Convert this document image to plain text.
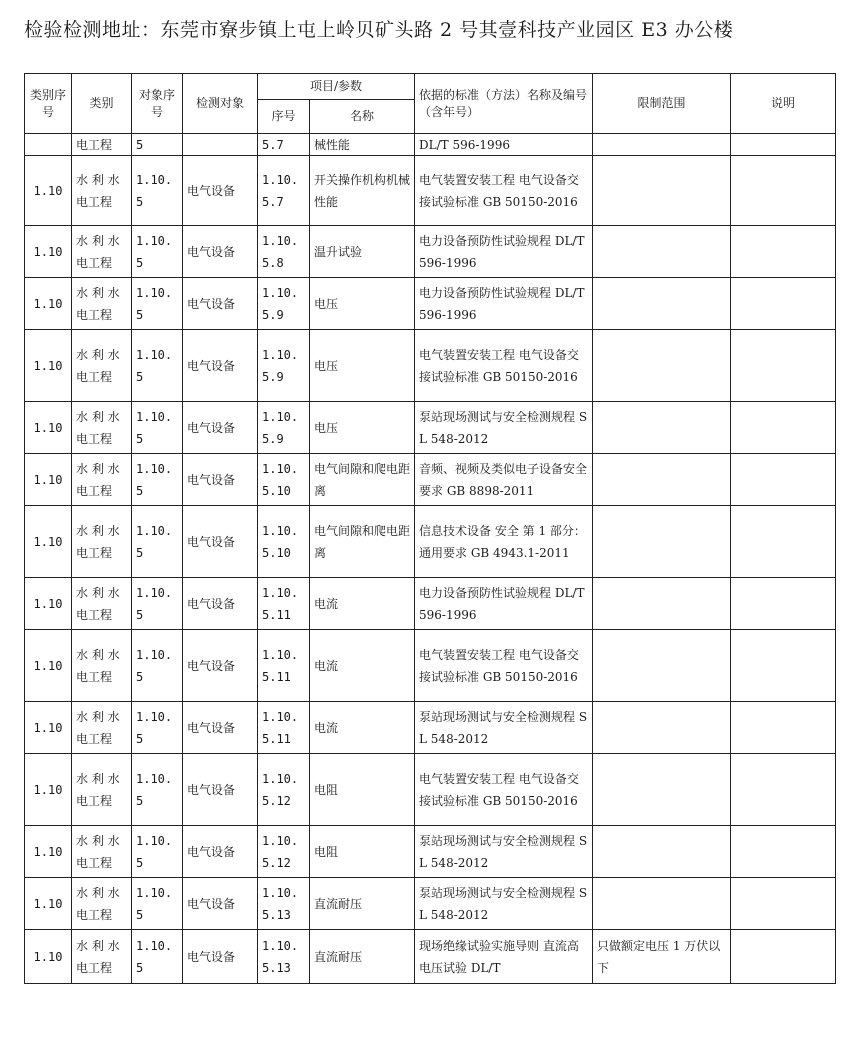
检验检测地址：东莞市寮步镇上屯上岭贝矿头路 2 号其壹科技产业园区 E3 办公楼
类别序号	类别	对象序号	检测对象	项目/参数		依据的标准（方法）名称及编号（含年号）	限制范围	说明
				序号	名称			
	电工程	5		5.7	械性能	DL/T 596-1996		
1.10	水 利 水电工程	1.10.5	电气设备	1.10.5.7	开关操作机构机械性能	电气装置安装工程 电气设备交接试验标准 GB 50150-2016		
1.10	水 利 水电工程	1.10.5	电气设备	1.10.5.8	温升试验	电力设备预防性试验规程 DL/T 596-1996		
1.10	水 利 水电工程	1.10.5	电气设备	1.10.5.9	电压	电力设备预防性试验规程 DL/T 596-1996		
1.10	水 利 水电工程	1.10.5	电气设备	1.10.5.9	电压	电气装置安装工程 电气设备交接试验标准 GB 50150-2016		
1.10	水 利 水电工程	1.10.5	电气设备	1.10.5.9	电压	泵站现场测试与安全检测规程 SL 548-2012		
1.10	水 利 水电工程	1.10.5	电气设备	1.10.5.10	电气间隙和爬电距离	音频、视频及类似电子设备安全要求 GB 8898-2011		
1.10	水 利 水电工程	1.10.5	电气设备	1.10.5.10	电气间隙和爬电距离	信息技术设备 安全 第 1 部分：通用要求 GB 4943.1-2011		
1.10	水 利 水电工程	1.10.5	电气设备	1.10.5.11	电流	电力设备预防性试验规程 DL/T 596-1996		
1.10	水 利 水电工程	1.10.5	电气设备	1.10.5.11	电流	电气装置安装工程 电气设备交接试验标准 GB 50150-2016		
1.10	水 利 水电工程	1.10.5	电气设备	1.10.5.11	电流	泵站现场测试与安全检测规程 SL 548-2012		
1.10	水 利 水电工程	1.10.5	电气设备	1.10.5.12	电阻	电气装置安装工程 电气设备交接试验标准 GB 50150-2016		
1.10	水 利 水电工程	1.10.5	电气设备	1.10.5.12	电阻	泵站现场测试与安全检测规程 SL 548-2012		
1.10	水 利 水电工程	1.10.5	电气设备	1.10.5.13	直流耐压	泵站现场测试与安全检测规程 SL 548-2012		
1.10	水 利 水电工程	1.10.5	电气设备	1.10.5.13	直流耐压	现场绝缘试验实施导则 直流高电压试验 DL/T	只做额定电压 1 万伏以下	
